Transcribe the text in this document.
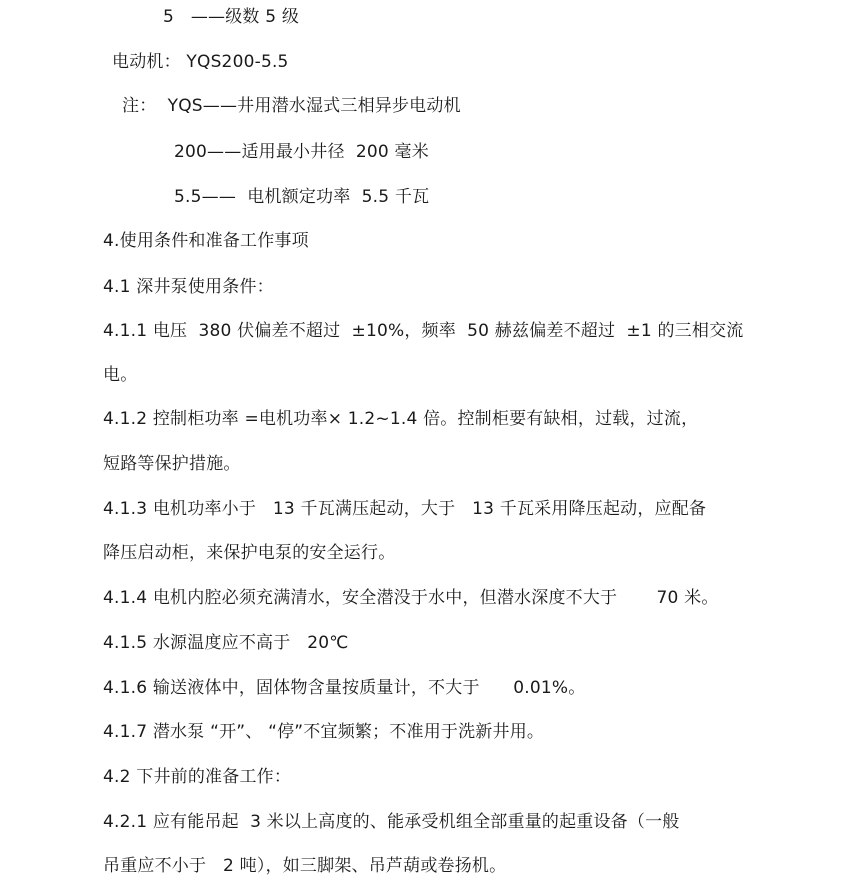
5   ——级数 5 级
电动机： YQS200-5.5
注：  YQS——井用潜水湿式三相异步电动机
200——适用最小井径  200 毫米
5.5——  电机额定功率  5.5 千瓦
4.使用条件和准备工作事项
4.1 深井泵使用条件：
4.1.1 电压  380 伏偏差不超过  ±10%，频率  50 赫兹偏差不超过  ±1 的三相交流
电。
4.1.2 控制柜功率 =电机功率× 1.2~1.4 倍。控制柜要有缺相，过载，过流，
短路等保护措施。
4.1.3 电机功率小于   13 千瓦满压起动，大于   13 千瓦采用降压起动，应配备
降压启动柜，来保护电泵的安全运行。
4.1.4 电机内腔必须充满清水，安全潜没于水中，但潜水深度不大于       70 米。
4.1.5 水源温度应不高于   20℃
4.1.6 输送液体中，固体物含量按质量计，不大于      0.01%。
4.1.7 潜水泵 “开”、 “停”不宜频繁；不准用于洗新井用。
4.2 下井前的准备工作：
4.2.1 应有能吊起  3 米以上高度的、能承受机组全部重量的起重设备（一般
吊重应不小于   2 吨），如三脚架、吊芦葫或卷扬机。
